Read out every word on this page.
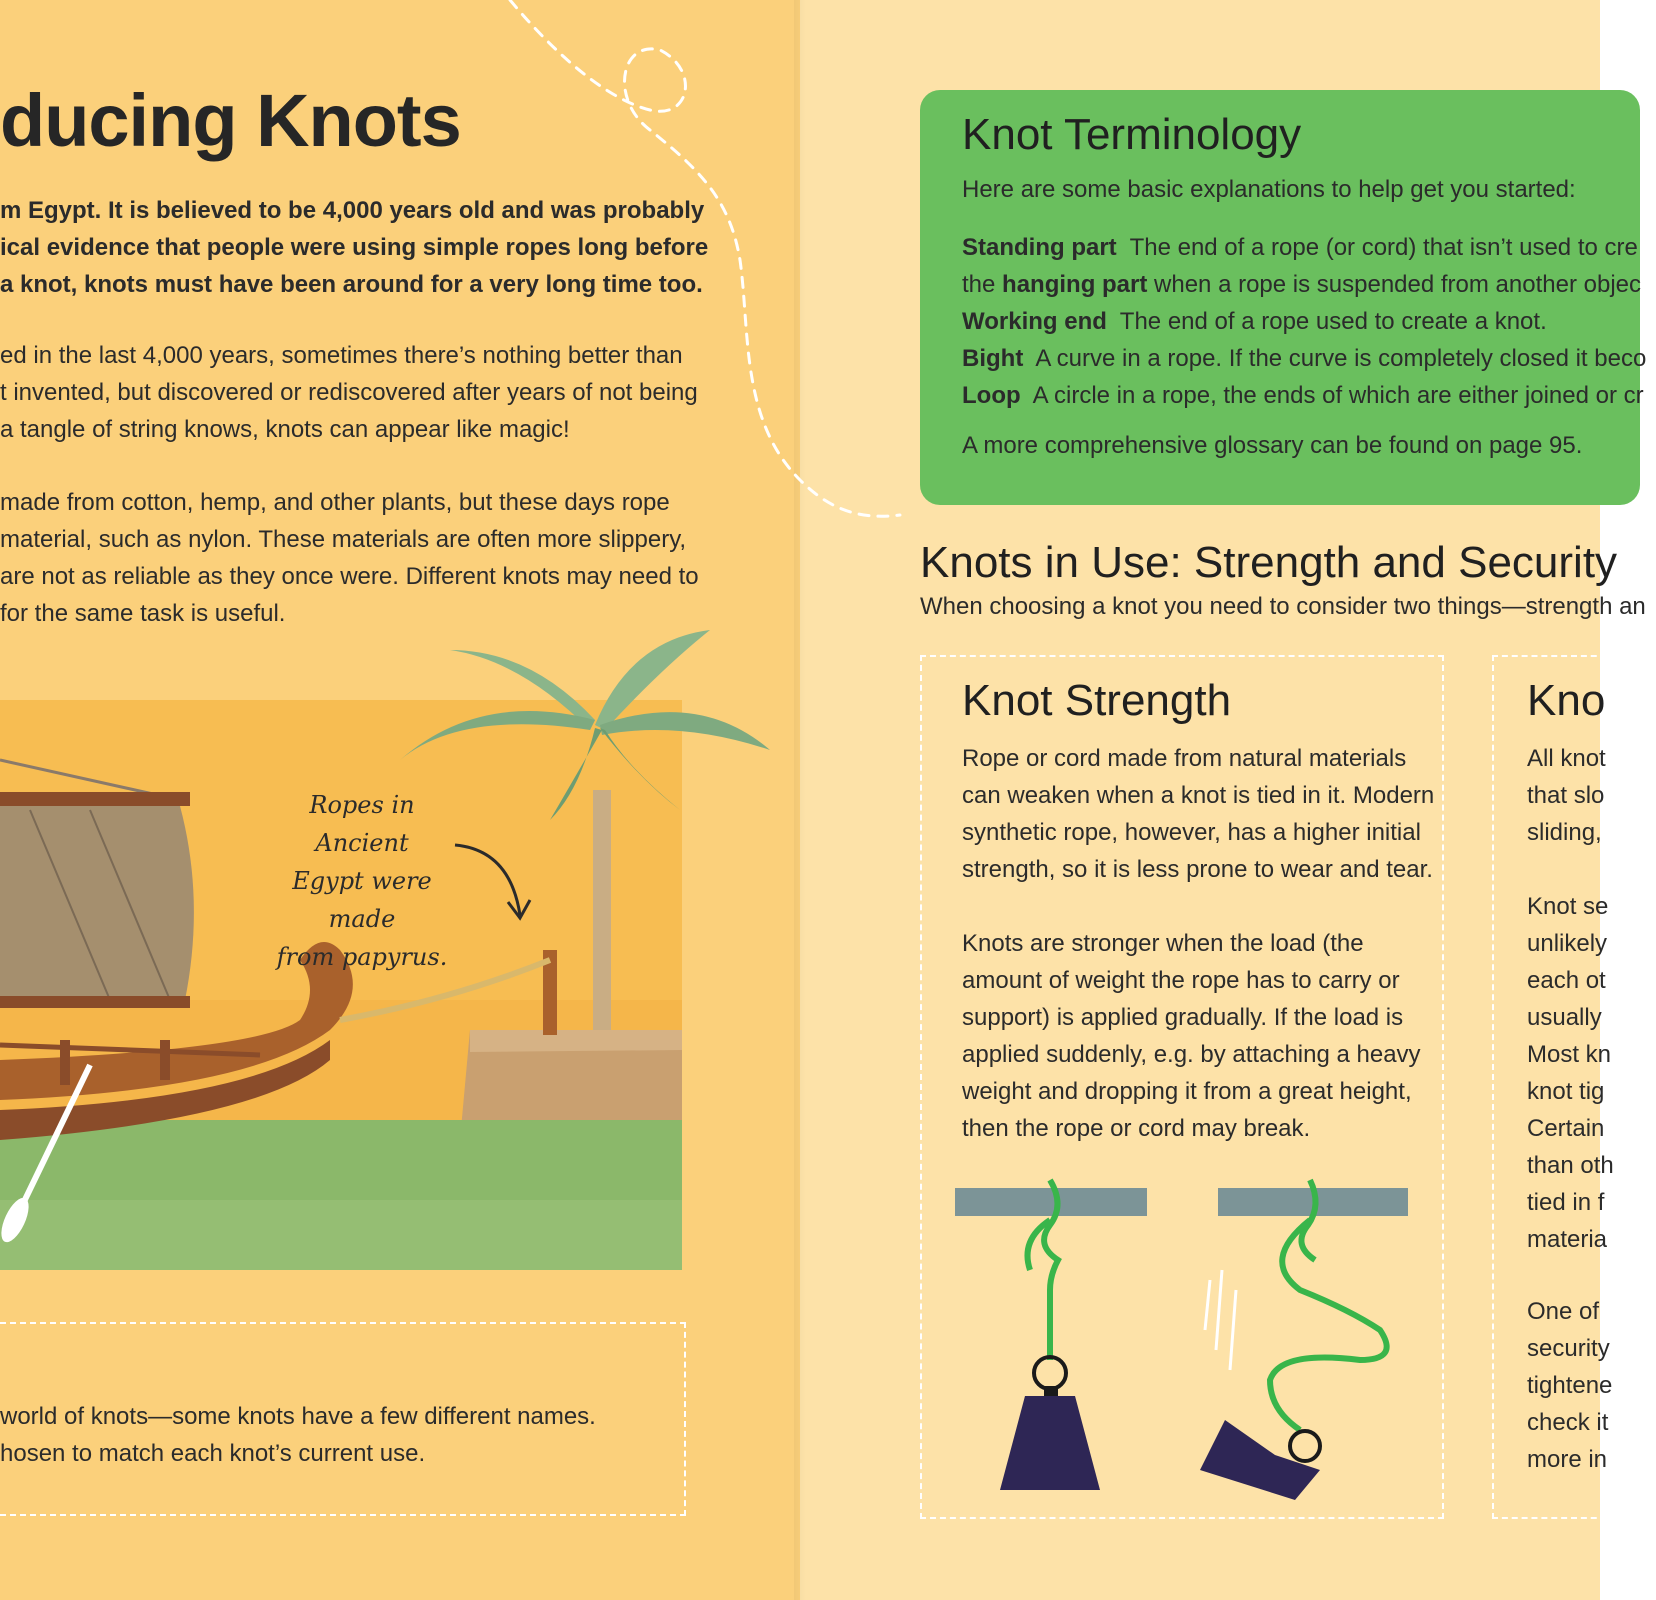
ducing Knots

m Egypt. It is believed to be 4,000 years old and was probably
ical evidence that people were using simple ropes long before
a knot, knots must have been around for a very long time too.

ed in the last 4,000 years, sometimes there’s nothing better than
t invented, but discovered or rediscovered after years of not being
a tangle of string knows, knots can appear like magic!

made from cotton, hemp, and other plants, but these days rope
material, such as nylon. These materials are often more slippery,
are not as reliable as they once were. Different knots may need to
for the same task is useful.

Ropes in Ancient
Egypt were made
from papyrus.

world of knots—some knots have a few different names.
hosen to match each knot’s current use.

Knot Terminology
Here are some basic explanations to help get you started:
Standing part  The end of a rope (or cord) that isn’t used to cre
the hanging part when a rope is suspended from another objec
Working end  The end of a rope used to create a knot.
Bight  A curve in a rope. If the curve is completely closed it beco
Loop  A circle in a rope, the ends of which are either joined or cr
A more comprehensive glossary can be found on page 95.
Knots in Use: Strength and Security
When choosing a knot you need to consider two things—strength an
Knot Strength

Rope or cord made from natural materials
can weaken when a knot is tied in it. Modern
synthetic rope, however, has a higher initial
strength, so it is less prone to wear and tear.

Knots are stronger when the load (the
amount of weight the rope has to carry or
support) is applied gradually. If the load is
applied suddenly, e.g. by attaching a heavy
weight and dropping it from a great height,
then the rope or cord may break.

Kno

All knot
that slo
sliding,

Knot se
unlikely
each ot
usually
Most kn
knot tig
Certain
than oth
tied in f
materia

One of
security
tightene
check it
more in
